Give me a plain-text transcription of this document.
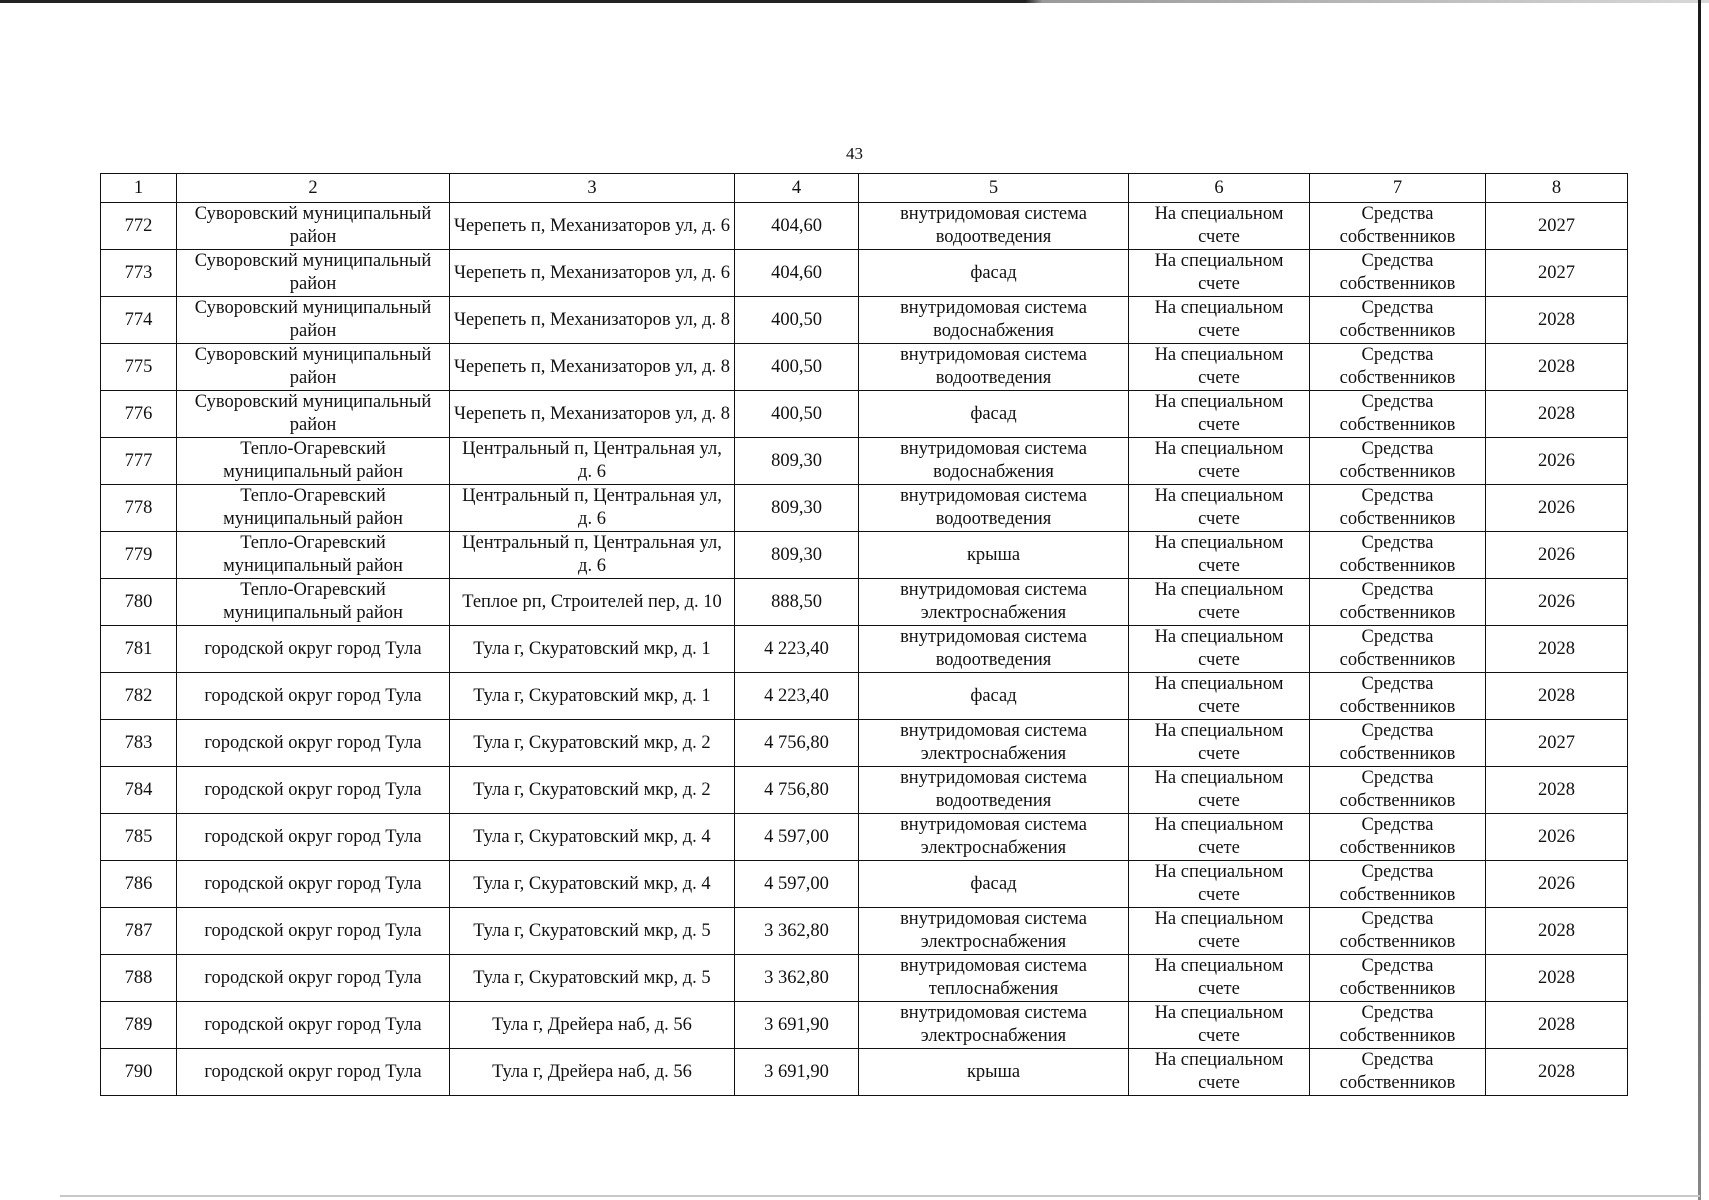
43
1	2	3	4	5	6	7	8
772	Суворовский муниципальный район	Черепеть п, Механизаторов ул, д. 6	404,60	внутридомовая система водоотведения	На специальном счете	Средства собственников	2027
773	Суворовский муниципальный район	Черепеть п, Механизаторов ул, д. 6	404,60	фасад	На специальном счете	Средства собственников	2027
774	Суворовский муниципальный район	Черепеть п, Механизаторов ул, д. 8	400,50	внутридомовая система водоснабжения	На специальном счете	Средства собственников	2028
775	Суворовский муниципальный район	Черепеть п, Механизаторов ул, д. 8	400,50	внутридомовая система водоотведения	На специальном счете	Средства собственников	2028
776	Суворовский муниципальный район	Черепеть п, Механизаторов ул, д. 8	400,50	фасад	На специальном счете	Средства собственников	2028
777	Тепло-Огаревский муниципальный район	Центральный п, Центральная ул, д. 6	809,30	внутридомовая система водоснабжения	На специальном счете	Средства собственников	2026
778	Тепло-Огаревский муниципальный район	Центральный п, Центральная ул, д. 6	809,30	внутридомовая система водоотведения	На специальном счете	Средства собственников	2026
779	Тепло-Огаревский муниципальный район	Центральный п, Центральная ул, д. 6	809,30	крыша	На специальном счете	Средства собственников	2026
780	Тепло-Огаревский муниципальный район	Теплое рп, Строителей пер, д. 10	888,50	внутридомовая система электроснабжения	На специальном счете	Средства собственников	2026
781	городской округ город Тула	Тула г, Скуратовский мкр, д. 1	4 223,40	внутридомовая система водоотведения	На специальном счете	Средства собственников	2028
782	городской округ город Тула	Тула г, Скуратовский мкр, д. 1	4 223,40	фасад	На специальном счете	Средства собственников	2028
783	городской округ город Тула	Тула г, Скуратовский мкр, д. 2	4 756,80	внутридомовая система электроснабжения	На специальном счете	Средства собственников	2027
784	городской округ город Тула	Тула г, Скуратовский мкр, д. 2	4 756,80	внутридомовая система водоотведения	На специальном счете	Средства собственников	2028
785	городской округ город Тула	Тула г, Скуратовский мкр, д. 4	4 597,00	внутридомовая система электроснабжения	На специальном счете	Средства собственников	2026
786	городской округ город Тула	Тула г, Скуратовский мкр, д. 4	4 597,00	фасад	На специальном счете	Средства собственников	2026
787	городской округ город Тула	Тула г, Скуратовский мкр, д. 5	3 362,80	внутридомовая система электроснабжения	На специальном счете	Средства собственников	2028
788	городской округ город Тула	Тула г, Скуратовский мкр, д. 5	3 362,80	внутридомовая система теплоснабжения	На специальном счете	Средства собственников	2028
789	городской округ город Тула	Тула г, Дрейера наб, д. 56	3 691,90	внутридомовая система электроснабжения	На специальном счете	Средства собственников	2028
790	городской округ город Тула	Тула г, Дрейера наб, д. 56	3 691,90	крыша	На специальном счете	Средства собственников	2028
